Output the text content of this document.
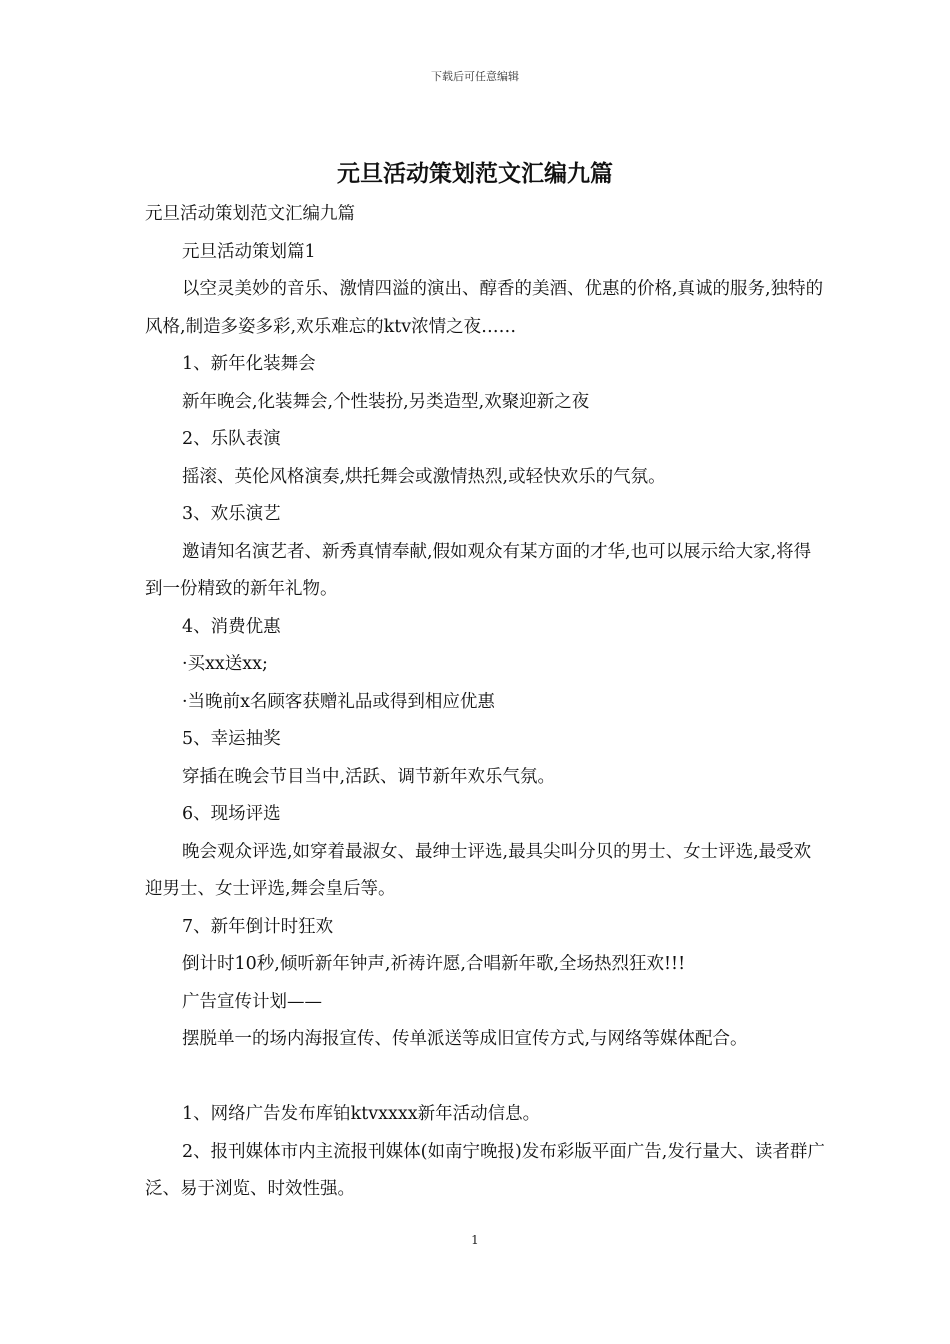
下载后可任意编辑
元旦活动策划范文汇编九篇

元旦活动策划范文汇编九篇

元旦活动策划篇1

以空灵美妙的音乐、激情四溢的演出、醇香的美酒、优惠的价格,真诚的服务,独特的风格,制造多姿多彩,欢乐难忘的ktv浓情之夜……

1、新年化装舞会

新年晚会,化装舞会,个性装扮,另类造型,欢聚迎新之夜

2、乐队表演

摇滚、英伦风格演奏,烘托舞会或激情热烈,或轻快欢乐的气氛。

3、欢乐演艺

邀请知名演艺者、新秀真情奉献,假如观众有某方面的才华,也可以展示给大家,将得到一份精致的新年礼物。

4、消费优惠

·买xx送xx;

·当晚前x名顾客获赠礼品或得到相应优惠

5、幸运抽奖

穿插在晚会节目当中,活跃、调节新年欢乐气氛。

6、现场评选

晚会观众评选,如穿着最淑女、最绅士评选,最具尖叫分贝的男士、女士评选,最受欢迎男士、女士评选,舞会皇后等。

7、新年倒计时狂欢

倒计时10秒,倾听新年钟声,祈祷许愿,合唱新年歌,全场热烈狂欢!!!

广告宣传计划——

摆脱单一的场内海报宣传、传单派送等成旧宣传方式,与网络等媒体配合。

1、网络广告发布库铂ktvxxxx新年活动信息。

2、报刊媒体市内主流报刊媒体(如南宁晚报)发布彩版平面广告,发行量大、读者群广泛、易于浏览、时效性强。

1
